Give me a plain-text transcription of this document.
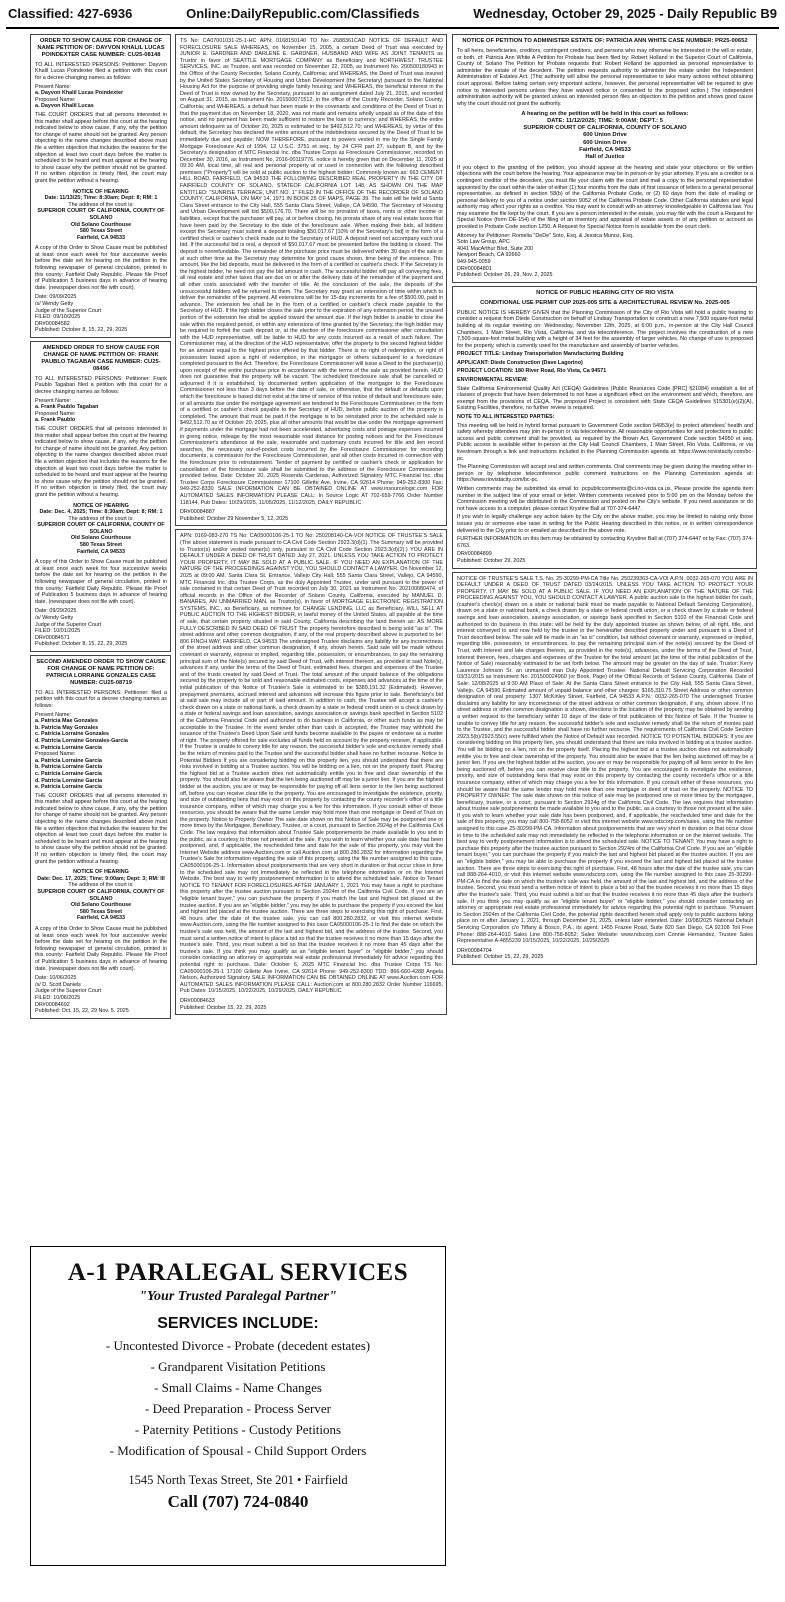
Classified: 427-6936	Online:DailyRepublic.com/Classifieds	Wednesday, October 29, 2025 - Daily Republic B9
ORDER TO SHOW CAUSE FOR CHANGE OF NAME PETITION OF: DAYVON KHALIL LUCAS POINDEXTER CASE NUMBER: CU25-08148
TO ALL INTERESTED PERSONS: Petitioner: Dayvon Khalil Lucas Poindexter filed a petition with this court for a decree changing names as follows:
Present Name:
a. Dayvon Khalil Lucas Poindexter
Proposed Name:
a. Dayvon Khalil Lucas
THE COURT ORDERS that all persons interested in this matter shall appear before this court at the hearing indicated below to show cause, if any, why the petition for change of name should not be granted. Any person objecting to the name changes described above must file a written objection that includes the reasons for the objection at least two court days before the matter is scheduled to be heard and must appear at the hearing to show cause why the petition should not be granted. If no written objection is timely filed, the court may grant the petition without a hearing.
NOTICE OF HEARING
Date: 11/13/25; Time: 8:30am; Dept: 8; RM: 1
The address of the court is:
SUPERIOR COURT OF CALIFORNIA, COUNTY OF SOLANO
Old Solano Courthouse
580 Texas Street
Fairfield, CA 94533
A copy of this Order to Show Cause must be published at least once each week for four successive weeks before the date set for hearing on the petition in the following newspaper of general circulation, printed in this county: Fairfield Daily Republic. Please file Proof of Publication 5 business days in advance of hearing date. (newspaper does not file with court).
Date: 09/09/2025
/s/ Wendy Getty
Judge of the Superior Court
FILED: 09/10/2025
DR#00084582
Published: October 8, 15, 22, 29, 2025
AMENDED ORDER TO SHOW CAUSE FOR CHANGE OF NAME PETITION OF: FRANK PAUBLO TAGABAN CASE NUMBER: CU25-08496
TO ALL INTERESTED PERSONS: Petitioner: Frank Paublo Tagaban filed a petition with this court for a decree changing names as follows:
Present Name:
a. Frank Paublo Tagaban
Proposed Name:
a. Frank Paublo
THE COURT ORDERS that all persons interested in this matter shall appear before this court at the hearing indicated below to show cause, if any, why the petition for change of name should not be granted. Any person objecting to the name changes described above must file a written objection that includes the reasons for the objection at least two court days before the matter is scheduled to be heard and must appear at the hearing to show cause why the petition should not be granted. If no written objection is timely filed, the court may grant the petition without a hearing.
NOTICE OF HEARING
Date: Dec. 4, 2025; Time: 8:30am; Dept: 8; RM: 1
The address of the court is:
SUPERIOR COURT OF CALIFORNIA, COUNTY OF SOLANO
Old Solano Courthouse
580 Texas Street
Fairfield, CA 94533
A copy of this Order to Show Cause must be published at least once each week for four successive weeks before the date set for hearing on the petition in the following newspaper of general circulation, printed in this county: Fairfield Daily Republic. Please file Proof of Publication 5 business days in advance of hearing date. (newspaper does not file with court).
Date: 09/29/2025
/s/ Wendy Getty
Judge of the Superior Court
FILED: 10/01/2025
DR#00084571
Published: October 8, 15, 22, 29, 2025
SECOND AMENDED ORDER TO SHOW CAUSE FOR CHANGE OF NAME PETITION OF: PATRICIA LORRAINE GONZALES CASE NUMBER: CU25-08719
TO ALL INTERESTED PERSONS: Petitioner: filed a petition with this court for a decree changing names as follows:
Present Name:
a. Patricia Mae Gonzales
b. Patricia May Gonzales
c. Patricia Lorraine Gonzales
d. Patricia Lorraine Gonzales-Garcia
e. Patricia Lorraine Garcia
Proposed Name:
a. Patricia Lorraine Garcia
b. Patricia Lorraine Garcia
c. Patricia Lorraine Garcia
d. Patricia Lorraine Garcia
e. Patricia Lorraine Garcia
THE COURT ORDERS that all persons interested in this matter shall appear before this court at the hearing indicated below to show cause, if any, why the petition for change of name should not be granted. Any person objecting to the name changes described above must file a written objection that includes the reasons for the objection at least two court days before the matter is scheduled to be heard and must appear at the hearing to show cause why the petition should not be granted. If no written objection is timely filed, the court may grant the petition without a hearing.
NOTICE OF HEARING
Date: Dec. 17, 2025; Time: 9:00am; Dept: 3; RM: III
The address of the court is:
SUPERIOR COURT OF CALIFORNIA, COUNTY OF SOLANO
Old Solano Courthouse
580 Texas Street
Fairfield, CA 94533
A copy of this Order to Show Cause must be published at least once each week for four successive weeks before the date set for hearing on the petition in the following newspaper of general circulation, printed in this county: Fairfield Daily Republic. Please file Proof of Publication 5 business days in advance of hearing date. (newspaper does not file with court).
Date: 10/06/2025
/s/ D. Scott Daniels
Judge of the Superior Court
FILED: 10/06/2025
DR#00084692
Published: Oct. 15, 22, 29 Nov. 5, 2025
TS No: CA07001031-25-1-HC APN: 0168150140 TO No: 2688361CAD NOTICE OF DEFAULT AND FORECLOSURE SALE WHEREAS, on November 15, 2005, a certain Deed of Trust was executed by JUNIOR E. GARDNER AND DARLENE E. GARDNER, HUSBAND AND WIFE AS JOINT TENANTS as Trustor in favor of SEATTLE MORTGAGE COMPANY as Beneficiary and NORTHWEST TRUSTEE SERVICES, INC. as Trustee, and was recorded on November 22, 2005, as Instrument No. 200500180943 in the Office of the County Recorder, Solano County, California; and WHEREAS, the Deed of Trust was insured by the United States Secretary of Housing and Urban Development (the Secretary) pursuant to the National Housing Act for the purpose of providing single family housing; and WHEREAS, the beneficial interest in the Deed of Trust is now owned by the Secretary, pursuant to an assignment dated July 21, 2015, and recorded on August 31, 2015, as Instrument No. 201500071512, in the office of the County Recorder, Solano County, California; and WHEREAS, a default has been made in the covenants and conditions of the Deed of Trust in that the payment due on November 18, 2020, was not made and remains wholly unpaid as of the date of this notice, and no payment has been made sufficient to restore the loan to currency; and WHEREAS, the entire amount delinquent as of October 20, 2025 is estimated to be $492,512.70; and WHEREAS, by virtue of this default, the Secretary has declared the entire amount of the indebtedness secured by the Deed of Trust to be immediately due and payable; NOW THEREFORE, pursuant to powers vested in me by the Single Family Mortgage Foreclosure Act of 1994, 12 U.S.C. 3751 et seq., by 24 CFR part 27, subpart B, and by the Secretary's designation of MTC Financial Inc. dba Trustee Corps as Foreclosure Commissioner, recorded on December 30, 2016, as Instrument No. 2016-00119776, notice is hereby given that on December 11, 2025 at 09:30 AM, local time, all real and personal property at or used in connection with the following described premises ("Property") will be sold at public auction to the highest bidder: Commonly known as: 663 CEMENT HILL ROAD, FAIRFIELD, CA 94533 THE FOLLOWING DESCRIBED REAL PROPERTY IN THE CITY OF FAIRFIELD COUNTY OF SOLANO, STATEOF CALIFORNIA LOT 148, AS SHOWN ON THE MAP ENTITLED: "SUNRISE TERRACE, UNIT NO. 1" FILED IN THE OFFICE OF THE RECORDER OF SOLANO COUNTY, CALIFORNIA, ON MAY 14, 1971 IN BOOK 25 OF MAPS, PAGE 39. The sale will be held at Santa Clara Street entrance to the City Hall, 555 Santa Clara Street, Vallejo, CA 94590. The Secretary of Housing and Urban Development will bid $500,176.70. There will be no proration of taxes, rents or other income or liabilities, except that the purchaser will pay, at or before closing, his prorata share of any real estate taxes that have been paid by the Secretary to the date of the foreclosure sale. When making their bids, all bidders except the Secretary must submit a deposit totaling $50,017.67 [10% of the Secretary's bid] in the form of a certified check or cashier's check made out to the Secretary of HUD. A deposit need not accompany each oral bid. If the successful bid is oral, a deposit of $50,017.67 must be presented before the bidding is closed. The deposit is nonrefundable. The remainder of the purchase price must be delivered within 30 days of the sale or at such other time as the Secretary may determine for good cause shown, time being of the essence. This amount, like the bid deposits, must be delivered in the form of a certified or cashier's check. If the Secretary is the highest bidder, he need not pay the bid amount in cash. The successful bidder will pay all conveying fees, all real estate and other taxes that are due on or after the delivery date of the remainder of the payment and all other costs associated with the transfer of title. At the conclusion of the sale, the deposits of the unsuccessful bidders will be returned to them. The Secretary may grant an extension of time within which to deliver the remainder of the payment. All extensions will be for 15-day increments for a fee of $500.00, paid in advance. The extension fee shall be in the form of a certified or cashier's check made payable to the Secretary of HUD. If the high bidder closes the sale prior to the expiration of any extension period, the unused portion of the extension fee shall be applied toward the amount due. If the high bidder is unable to close the sale within the required period, or within any extensions of time granted by the Secretary, the high bidder may be required to forfeit the cash deposit or, at the election of the foreclosure commissioner after consultation with the HUD representative, will be liable to HUD for any costs incurred as a result of such failure. The Commissioner may, at the direction of the HUD representative, offer the property to the second highest bidder for an amount equal to the highest price offered by that bidder. There is no right of redemption, or right of possession based upon a right of redemption, in the mortgagor or others subsequent to a foreclosure completed pursuant to the Act. Therefore, the Foreclosure Commissioner will issue a Deed to the purchaser(s) upon receipt of the entire purchase price in accordance with the terms of the sale as provided herein. HUD does not guarantee that the property will be vacant. The scheduled foreclosure sale shall be cancelled or adjourned if it is established, by documented written application of the mortgagor to the Foreclosure Commissioner not less than 3 days before the date of sale, or otherwise, that the default or defaults upon which the foreclosure is based did not exist at the time of service of this notice of default and foreclosure sale, or all amounts due under the mortgage agreement are tendered to the Foreclosure Commissioner, in the form of a certified or cashier's check payable to the Secretary of HUD, before public auction of the property is completed. The amount that must be paid if the mortgage is to be reinstated prior to the scheduled sale is $492,512.70 as of October 20, 2025, plus all other amounts that would be due under the mortgage agreement if payments under the mortgage had not been accelerated, advertising costs and postage expenses incurred in giving notice, mileage by the most reasonable road distance for posting notices and for the Foreclosure Commissioner's attendance at the sale, reasonable and customary costs incurred for title and lien record searches, the necessary out-of-pocket costs incurred by the Foreclosure Commissioner for recording documents, a commission for the Foreclosure Commissioner, and all other costs incurred in connection with the foreclosure prior to reinstatement. Tender of payment by certified or cashier's check or application for cancellation of the foreclosure sale shall be submitted to the address of the Foreclosure Commissioner provided below. Date: October 20, 2025 Rosenda Cardenas, Authorized Signatory MTC Financial Inc. dba Trustee Corps Foreclosure Commissioner 17100 Gillette Ave, Irvine, CA 92614 Phone: 949-252-8300 Fax: 949-252-8330 SALE INFORMATION CAN BE OBTAINED ONLINE AT www.insourcelogic.com FOR AUTOMATED SALES INFORMATION PLEASE CALL: In Source Logic AT 702-659-7766 Order Number 118144, Pub Dates: 10/29/2025, 11/05/2025, 11/12/2025, DAILY REPUBLIC
DR#00084887
Published: October 29 November 5, 12, 2025
APN: 0169-083-270 TS No: CA05000106-25-1 TO No: 250208140-CA-VOI NOTICE OF TRUSTEE'S SALE (The above statement is made pursuant to CA Civil Code Section 2923.3(d)(1). The Summary will be provided to Trustor(s) and/or vested owner(s) only, pursuant to CA Civil Code Section 2923.3(d)(2).) YOU ARE IN DEFAULT UNDER A DEED OF TRUST DATED July 27, 2021. UNLESS YOU TAKE ACTION TO PROTECT YOUR PROPERTY, IT MAY BE SOLD AT A PUBLIC SALE. IF YOU NEED AN EXPLANATION OF THE NATURE OF THE PROCEEDINGS AGAINST YOU, YOU SHOULD CONTACT A LAWYER. On November 12, 2025 at 09:00 AM, Santa Clara St. Entrance, Vallejo City Hall, 555 Santa Clara Street, Vallejo, CA 94590, MTC Financial Inc. dba Trustee Corps, as the duly Appointed Trustee, under and pursuant to the power of sale contained in that certain Deed of Trust recorded on July 30, 2021 as Instrument No. 202100080474, of official records in the Office of the Recorder of Solano County, California, executed by MANUEL D. BANARES, AN UNMARRIED MAN, as Trustor(s), in favor of MORTGAGE ELECTRONIC REGISTRATION SYSTEMS, INC., as Beneficiary, as nominee for CHANGE LENDING, LLC as Beneficiary, WILL SELL AT PUBLIC AUCTION TO THE HIGHEST BIDDER, in lawful money of the United States, all payable at the time of sale, that certain property situated in said County, California describing the land therein as: AS MORE FULLY DESCRIBED IN SAID DEED OF TRUST The property heretofore described is being sold "as is". The street address and other common designation, if any, of the real property described above is purported to be: 806 FINCH WAY, FAIRFIELD, CA 94533 The undersigned Trustee disclaims any liability for any incorrectness of the street address and other common designation, if any, shown herein. Said sale will be made without covenant or warranty, express or implied, regarding title, possession, or encumbrances, to pay the remaining principal sum of the Note(s) secured by said Deed of Trust, with interest thereon, as provided in said Note(s), advances if any, under the terms of the Deed of Trust, estimated fees, charges and expenses of the Trustee and of the trusts created by said Deed of Trust. The total amount of the unpaid balance of the obligations secured by the property to be sold and reasonable estimated costs, expenses and advances at the time of the initial publication of this Notice of Trustee's Sale is estimated to be $389,191.32 (Estimated). However, prepayment premiums, accrued interest and advances will increase this figure prior to sale. Beneficiary's bid at said sale may include all or part of said amount. In addition to cash, the Trustee will accept a cashier's check drawn on a state or national bank, a check drawn by a state or federal credit union or a check drawn by a state or federal savings and loan association, savings association or savings bank specified in Section 5102 of the California Financial Code and authorized to do business in California, or other such funds as may be acceptable to the Trustee. In the event tender other than cash is accepted, the Trustee may withhold the issuance of the Trustee's Deed Upon Sale until funds become available to the payee or endorsee as a matter of right. The property offered for sale excludes all funds held on account by the property receiver, if applicable. If the Trustee is unable to convey title for any reason, the successful bidder's sole and exclusive remedy shall be the return of monies paid to the Trustee and the successful bidder shall have no further recourse. Notice to Potential Bidders If you are considering bidding on this property lien, you should understand that there are risks involved in bidding at a Trustee auction. You will be bidding on a lien, not on the property itself. Placing the highest bid at a Trustee auction does not automatically entitle you to free and clear ownership of the property. You should also be aware that the lien being auctioned off may be a junior lien. If you are the highest bidder at the auction, you are or may be responsible for paying off all liens senior to the lien being auctioned off, before you can receive clear title to the property. You are encouraged to investigate the existence, priority, and size of outstanding liens that may exist on this property by contacting the county recorder's office or a title insurance company, either of which may charge you a fee for this information. If you consult either of these resources, you should be aware that the same Lender may hold more than one mortgage or Deed of Trust on the property. Notice to Property Owner The sale date shown on this Notice of Sale may be postponed one or more times by the Mortgagee, Beneficiary, Trustee, or a court, pursuant to Section 2924g of the California Civil Code. The law requires that information about Trustee Sale postponements be made available to you and to the public, as a courtesy to those not present at the sale. If you wish to learn whether your sale date has been postponed, and, if applicable, the rescheduled time and date for the sale of this property, you may visit the Internet Website address www.Auction.com or call Auction.com at 800.280.2832 for information regarding the Trustee's Sale for information regarding the sale of this property, using the file number assigned to this case, CA05000106-25-1. Information about postponements that are very short in duration or that occur close in time to the scheduled sale may not immediately be reflected in the telephone information or on the Internet Website. The best way to verify postponement information is to attend the scheduled sale. Notice to Tenant NOTICE TO TENANT FOR FORECLOSURES AFTER JANUARY 1, 2021 You may have a right to purchase this property after the trustee auction pursuant to Section 2924m of the California Civil Code. If you are an "eligible tenant buyer," you can purchase the property if you match the last and highest bid placed at the trustee auction. If you are an "eligible bidder," you may be able to purchase the property if you exceed the last and highest bid placed at the trustee auction. There are three steps to exercising this right of purchase. First, 48 hours after the date of the trustee sale, you can call 800.280.2832, or visit this internet website www.Auction.com, using the file number assigned to this case CA05000106-25-1 to find the date on which the trustee's sale was held, the amount of the last and highest bid, and the address of the trustee. Second, you must send a written notice of intent to place a bid so that the trustee receives it no more than 15 days after the trustee's sale. Third, you must submit a bid so that the trustee receives it no more than 45 days after the trustee's sale. If you think you may qualify as an "eligible tenant buyer" or "eligible bidder," you should consider contacting an attorney or appropriate real estate professional immediately for advice regarding this potential right to purchase. Date: October 6, 2025 MTC Financial Inc. dba Trustee Corps TS No. CA05000106-25-1 17100 Gillette Ave Irvine, CA 92614 Phone: 949-252-8300 TDD: 866-660-4288 Angela Nelson, Authorized Signatory SALE INFORMATION CAN BE OBTAINED ONLINE AT www.Auction.com FOR AUTOMATED SALES INFORMATION PLEASE CALL: Auction.com at 800.280.2832 Order Number 116695, Pub Dates: 10/15/2025, 10/22/2025, 10/29/2025, DAILY REPUBLIC
DR#00084633
Published: October 15, 22, 29, 2025
NOTICE OF PETITION TO ADMINISTER ESTATE OF: PATRICIA ANN WHITE CASE NUMBER: PR25-00652
To all heirs, beneficiaries, creditors, contingent creditors, and persons who may otherwise be interested in the will or estate, or both, of: Patricia Ann White A Petition for Probate has been filed by: Robert Holland in the Superior Court of California, County of: Solano The Petition for Probate requests that: Robert Holland be appointed as personal representative to administer the estate of the decedent. The petition requests authority to administer the estate under the Independent Administration of Estates Act. (This authority will allow the personal representative to take many actions without obtaining court approval. Before taking certain very important actions, however, the personal representative will be required to give notice to interested persons unless they have waived notice or consented to the proposed action.) The independent administration authority will be granted unless an interested person files an objection to the petition and shows good cause why the court should not grant the authority.
A hearing on the petition will be held in this court as follows:
DATE: 11/12/2025; TIME: 9:00AM; DEPT.: 5
SUPERIOR COURT OF CALIFORNIA, COUNTY OF SOLANO
600 Union Drive
600 Union Drive
Fairfield, CA 94533
Hall of Justice
If you object to the granting of the petition, you should appear at the hearing and state your objections or file written objections with the court before the hearing. Your appearance may be in person or by your attorney. If you are a creditor or a contingent creditor of the decedent, you must file your claim with the court and mail a copy to the personal representative appointed by the court within the later of either (1) four months from the date of first issuance of letters to a general personal representative, as defined in section 58(b) of the California Probate Code, or (2) 60 days from the date of mailing or personal delivery to you of a notice under section 9052 of the California Probate Code. Other California statutes and legal authority may affect your rights as a creditor. You may want to consult with an attorney knowledgeable in California law. You may examine the file kept by the court. If you are a person interested in the estate, you may file with the court a Request for Special Notice (form DE-154) of the filing of an inventory and appraisal of estate assets or of any petition or account as provided in Probate Code section 1250. A Request for Special Notice form is available from the court clerk.
Attorney for Petitioner: Romelia "DeDe" Soto, Esq. & Jessica Munoz, Esq.
Soto Law Group, APC
4041 MacArthur Blvd, Suite 200
Newport Beach, CA 92660
949-945-0059
DR#00084801
Published: October 26, 29, Nov. 2, 2025
NOTICE OF PUBLIC HEARING CITY OF RIO VISTA
CONDITIONAL USE PERMIT CUP 2025-005 SITE & ARCHITECTURAL REVIEW No. 2025-005
PUBLIC NOTICE IS HEREBY GIVEN that the Planning Commission of the City of Rio Vista will hold a public hearing to consider a request from Diede Construction on behalf of Lindsay Transportation to construct a new 7,500 square-foot metal building at its regular meeting on: Wednesday, November 12th, 2025, at 6:00 p.m., in-person at the City Hall Council Chambers, 1 Main Street, Rio Vista, California, and via teleconference. The project involves the construction of a new 7,500-square-foot metal building with a height of 34 feet for the assembly of larger vehicles. No change of use is proposed for the property, which is currently used for the manufacture and assembly of barrier vehicles.
PROJECT TITLE: Lindsay Transportation Manufacturing Building
APPLICANT: Diede Construction (Dave Lagorino)
PROJECT LOCATION: 180 River Road, Rio Vista, Ca 94571
ENVIRONMENTAL REVIEW:
State California Environmental Quality Act (CEQA) Guidelines (Public Resources Code [PRC] §21084) establish a list of classes of projects that have been determined to not have a significant effect on the environment and which, therefore, are exempt from the provisions of CEQA. The proposed Project is consistent with State CEQA Guidelines §15301(e)(2)(A), Existing Facilities, therefore, no further review is required.
NOTE TO ALL INTERESTED PARTIES:
This meeting will be held in hybrid format pursuant to Government Code section 54953(e) to protect attendees' health and safety whereby attendees may join in-person or via teleconference. All reasonable opportunities for and protections to public access and public comment shall be provided, as required by the Brown Act, Government Code section 54950 et seq. Public access is available either in-person at the City Hall Council Chambers, 1 Main Street, Rio Vista, California, or via livestream through a link and instructions included in the Planning Commission agenda at: https://www.riovistacity.com/bc-pc.
The Planning Commission will accept oral and written comments. Oral comments may be given during the meeting either in-person or by telephone teleconference public comment instructions on the Planning Commission agenda at: https://www.riovistacity.com/bc-pc.
Written comments may be submitted via email to: pcpubliccomments@ci.rio-vista.ca.us. Please provide the agenda item number in the subject line of your email or letter. Written comments received prior to 5:00 pm on the Monday before the Commission meeting will be distributed to the Commission and posted on the City's website. If you need assistance or do not have access to a computer, please contact Krystine Ball at 707-374-6447.
If you wish to legally challenge any action taken by the City on the above matter, you may be limited to raising only those issues you or someone else raise in writing for the Public Hearing described in this notice, or in written correspondence delivered to the City prior to or emailed as described in the above note.
FURTHER INFORMATION on this item may be obtained by contacting Krystine Ball at (707) 374-6447 or by Fax: (707) 374-6763.
DR#00084899
Published: October 29, 2025
NOTICE OF TRUSTEE'S SALE T.S. No. 25-30299-PM-CA Title No. 250239363-CA-VOI A.P.N. 0032-265-070 YOU ARE IN DEFAULT UNDER A DEED OF TRUST DATED 03/24/2015. UNLESS YOU TAKE ACTION TO PROTECT YOUR PROPERTY, IT MAY BE SOLD AT A PUBLIC SALE. IF YOU NEED AN EXPLANATION OF THE NATURE OF THE PROCEEDING AGAINST YOU, YOU SHOULD CONTACT A LAWYER. A public auction sale to the highest bidder for cash, (cashier's check(s) drawn on a state or national bank must be made payable to National Default Servicing Corporation), drawn on a state or national bank, a check drawn by a state or federal credit union, or a check drawn by a state or federal savings and loan association, savings association, or savings bank specified in Section 5102 of the Financial Code and authorized to do business in this state; will be held by the duly appointed trustee as shown below, of all right, title, and interest conveyed to and now held by the trustee in the hereinafter described property under and pursuant to a Deed of Trust described below. The sale will be made in an "as is" condition, but without covenant or warranty, expressed or implied, regarding title, possession, or encumbrances, to pay the remaining principal sum of the note(s) secured by the Deed of Trust, with interest and late charges thereon, as provided in the note(s), advances, under the terms of the Deed of Trust, interest thereon, fees, charges and expenses of the Trustee for the total amount (at the time of the initial publication of the Notice of Sale) reasonably estimated to be set forth below. The amount may be greater on the day of sale. Trustor: Kerry Laurence Johnson Sr. an unmarried man Duly Appointed Trustee: National Default Servicing Corporation Recorded 03/31/2015 as Instrument No. 201500024960 (or Book, Page) of the Official Records of Solano County, California. Date of Sale: 12/08/2025 at 9:30 AM Place of Sale: At the Santa Clara Street entrance to the City Hall, 555 Santa Clara Street, Vallejo, CA 94590 Estimated amount of unpaid balance and other charges: $165,310.75 Street Address or other common designation of real property: 1307 McKinley Street, Fairfield, CA 94533 A.P.N.: 0032-265-070 The undersigned Trustee disclaims any liability for any incorrectness of the street address or other common designation, if any, shown above. If no street address or other common designation is shown, directions to the location of the property may be obtained by sending a written request to the beneficiary within 10 days of the date of first publication of this Notice of Sale. If the Trustee is unable to convey title for any reason, the successful bidder's sole and exclusive remedy shall be the return of monies paid to the Trustee, and the successful bidder shall have no further recourse. The requirements of California Civil Code Section 2923.5(b)/2923.55(c) were fulfilled when the Notice of Default was recorded. NOTICE TO POTENTIAL BIDDERS: If you are considering bidding on this property lien, you should understand that there are risks involved in bidding at a trustee auction. You will be bidding on a lien, not on the property itself. Placing the highest bid at a trustee auction does not automatically entitle you to free and clear ownership of the property. You should also be aware that the lien being auctioned off may be a junior lien. If you are the highest bidder at the auction, you are or may be responsible for paying off all liens senior to the lien being auctioned off, before you can receive clear title to the property. You are encouraged to investigate the existence, priority, and size of outstanding liens that may exist on this property by contacting the county recorder's office or a title insurance company, either of which may charge you a fee for this information. If you consult either of these resources, you should be aware that the same lender may hold more than one mortgage or deed of trust on the property. NOTICE TO PROPERTY OWNER: The sale date shown on this notice of sale may be postponed one or more times by the mortgagee, beneficiary, trustee, or a court, pursuant to Section 2924g of the California Civil Code. The law requires that information about trustee sale postponements be made available to you and to the public, as a courtesy to those not present at the sale. If you wish to learn whether your sale date has been postponed, and, if applicable, the rescheduled time and date for the sale of this property, you may call 800-758-8052 or visit this internet website www.ndscorp.com/sales, using the file number assigned to this case 25-30299-PM-CA. Information about postponements that are very short in duration or that occur close in time to the scheduled sale may not immediately be reflected in the telephone information or on the internet website. The best way to verify postponement information is to attend the scheduled sale. NOTICE TO TENANT: You may have a right to purchase this property after the trustee auction pursuant to Section 2924m of the California Civil Code. If you are an "eligible tenant buyer," you can purchase the property if you match the last and highest bid placed at the trustee auction. If you are an "eligible bidder," you may be able to purchase the property if you exceed the last and highest bid placed at the trustee auction. There are three steps to exercising this right of purchase. First, 48 hours after the date of the trustee sale, you can call 888-264-4010, or visit this internet website www.ndscorp.com, using the file number assigned to this case 25-30299-PM-CA to find the date on which the trustee's sale was held, the amount of the last and highest bid, and the address of the trustee. Second, you must send a written notice of intent to place a bid so that the trustee receives it no more than 15 days after the trustee's sale. Third, you must submit a bid so that the trustee receives it no more than 45 days after the trustee's sale. If you think you may qualify as an "eligible tenant buyer" or "eligible bidder," you should consider contacting an attorney or appropriate real estate professional immediately for advice regarding this potential right to purchase. *Pursuant to Section 2924m of the California Civil Code, the potential rights described herein shall apply only to public auctions taking place on or after January 1, 2021, through December 31, 2025, unless later extended. Date: 10/08/2025 National Default Servicing Corporation c/o Tiffany & Bosco, P.A., its agent, 1455 Frazee Road, Suite 820 San Diego, CA 92108 Toll Free Phone: 888-264-4010 Sales Line 800-758-8052; Sales Website: www.ndscorp.com Connie Hernandez, Trustee Sales Representative A-4855239 10/15/2025, 10/22/2025, 10/29/2025
DR#00084704
Published: October 15, 22, 29, 2025
A-1 PARALEGAL SERVICES
"Your Trusted Paralegal Partner"
SERVICES INCLUDE:
- Uncontested Divorce - Probate (decedent estates)
- Grandparent Visitation Petitions
- Small Claims - Name Changes
- Deed Preparation - Process Server
- Paternity Petitions - Custody Petitions
- Modification of Spousal - Child Support Orders
1545 North Texas Street, Ste 201 • Fairfield
Call (707) 724-0840
